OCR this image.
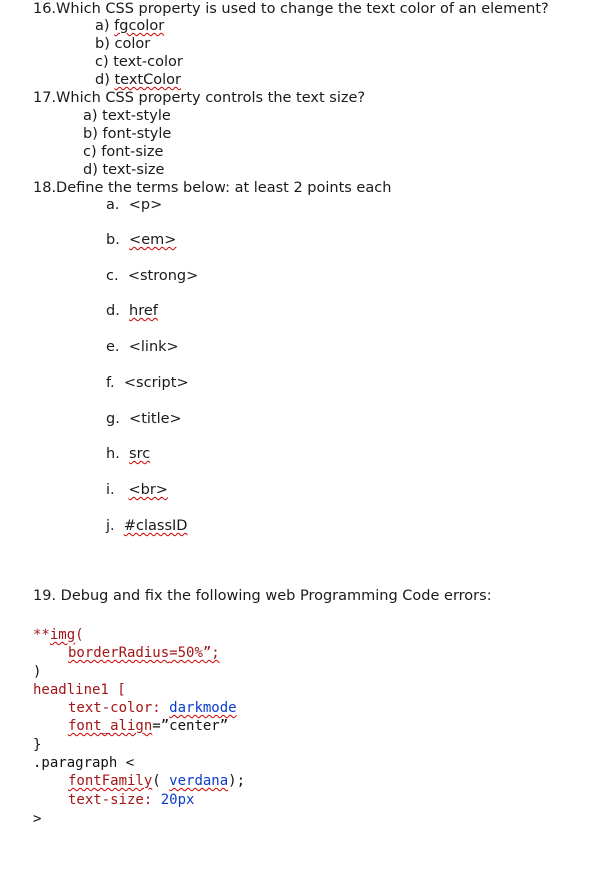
16.Which CSS property is used to change the text color of an element?
a) fgcolor
b) color
c) text-color
d) textColor
17.Which CSS property controls the text size?
a) text-style
b) font-style
c) font-size
d) text-size
18.Define the terms below: at least 2 points each
a. <p>
b. <em>
c. <strong>
d. href
e. <link>
f. <script>
g. <title>
h. src
i. <br>
j. #classID
19. Debug and fix the following web Programming Code errors:
**img(
borderRadius=50%”;
)
headline1 [
text-color: darkmode
font_align=”center”
}
.paragraph <
fontFamily( verdana);
text-size: 20px
>
